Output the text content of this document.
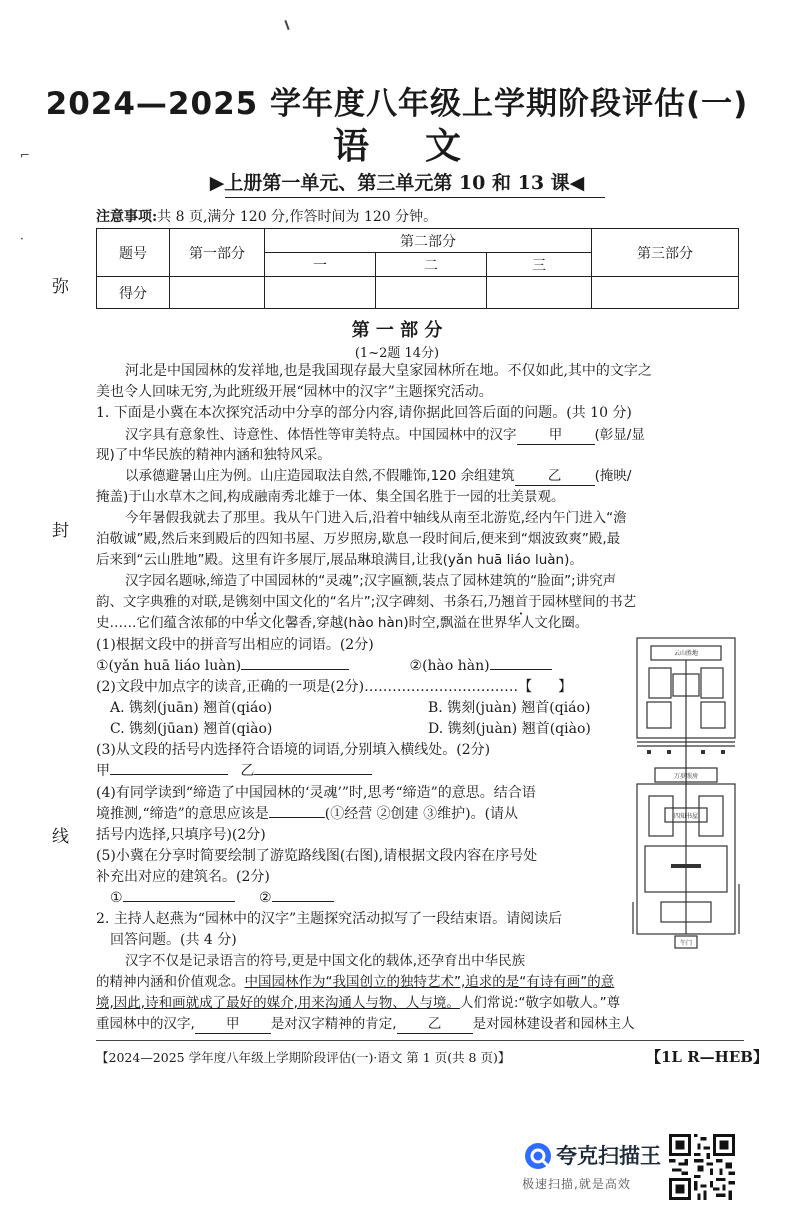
⌐
·
弥
封
线
2024—2025 学年度八年级上学期阶段评估(一)
语 文
▶上册第一单元、第三单元第 10 和 13 课◀
注意事项:共 8 页,满分 120 分,作答时间为 120 分钟。
题号	第一部分	第二部分			第三部分
		一	二	三	
得分					
第 一 部 分
(1~2题 14分)
河北是中国园林的发祥地,也是我国现存最大皇家园林所在地。不仅如此,其中的文字之
美也令人回味无穷,为此班级开展“园林中的汉字”主题探究活动。
1. 下面是小冀在本次探究活动中分享的部分内容,请你据此回答后面的问题。(共 10 分)
汉字具有意象性、诗意性、体悟性等审美特点。中国园林中的汉字 甲 (彰显/显
现)了中华民族的精神内涵和独特风采。
以承德避暑山庄为例。山庄造园取法自然,不假雕饰,120 余组建筑 乙 (掩映/
掩盖)于山水草木之间,构成融南秀北雄于一体、集全国名胜于一园的壮美景观。
今年暑假我就去了那里。我从午门进入后,沿着中轴线从南至北游览,经内午门进入“澹
泊敬诚”殿,然后来到殿后的四知书屋、万岁照房,歇息一段时间后,便来到“烟波致爽”殿,最
后来到“云山胜地”殿。这里有许多展厅,展品琳琅满目,让我(yǎn huā liáo luàn)。
汉字园名题咏,缔造了中国园林的“灵魂”;汉字匾额,装点了园林建筑的“脸面”;讲究声
韵、文字典雅的对联,是镌刻中国文化的“名片”;汉字碑刻、书条石,乃翘首于园林壁间的书艺
史……它们蕴含浓郁的中华文化馨香,穿越(hào hàn)时空,飘溢在世界华人文化圈。
(1)根据文段中的拼音写出相应的词语。(2分)
①(yǎn huā liáo luàn)	②(hào hàn)
(2)文段中加点字的读音,正确的一项是(2分)……………………………【 】
A. 镌刻(juān) 翘首(qiáo)	B. 镌刻(juàn) 翘首(qiáo)
C. 镌刻(jūan) 翘首(qiào)	D. 镌刻(juàn) 翘首(qiào)
(3)从文段的括号内选择符合语境的词语,分别填入横线处。(2分)
甲	乙
(4)有同学读到“缔造了中国园林的‘灵魂’”时,思考“缔造”的意思。结合语
境推测,“缔造”的意思应该是	(①经营 ②创建 ③维护)。(请从
括号内选择,只填序号)(2分)
(5)小冀在分享时简要绘制了游览路线图(右图),请根据文段内容在序号处
补充出对应的建筑名。(2分)
①	②
云山胜地
万岁照房
四知书屋
午门
2. 主持人赵燕为“园林中的汉字”主题探究活动拟写了一段结束语。请阅读后
回答问题。(共 4 分)
汉字不仅是记录语言的符号,更是中国文化的载体,还孕育出中华民族
的精神内涵和价值观念。中国园林作为“我国创立的独特艺术”,追求的是“有诗有画”的意
境,因此,诗和画就成了最好的媒介,用来沟通人与物、人与境。人们常说:“敬字如敬人。”尊
重园林中的汉字, 甲 是对汉字精神的肯定, 乙 是对园林建设者和园林主人
【2024—2025 学年度八年级上学期阶段评估(一)·语文 第 1 页(共 8 页)】	【1L R—HEB】
夸克扫描王
极速扫描,就是高效
